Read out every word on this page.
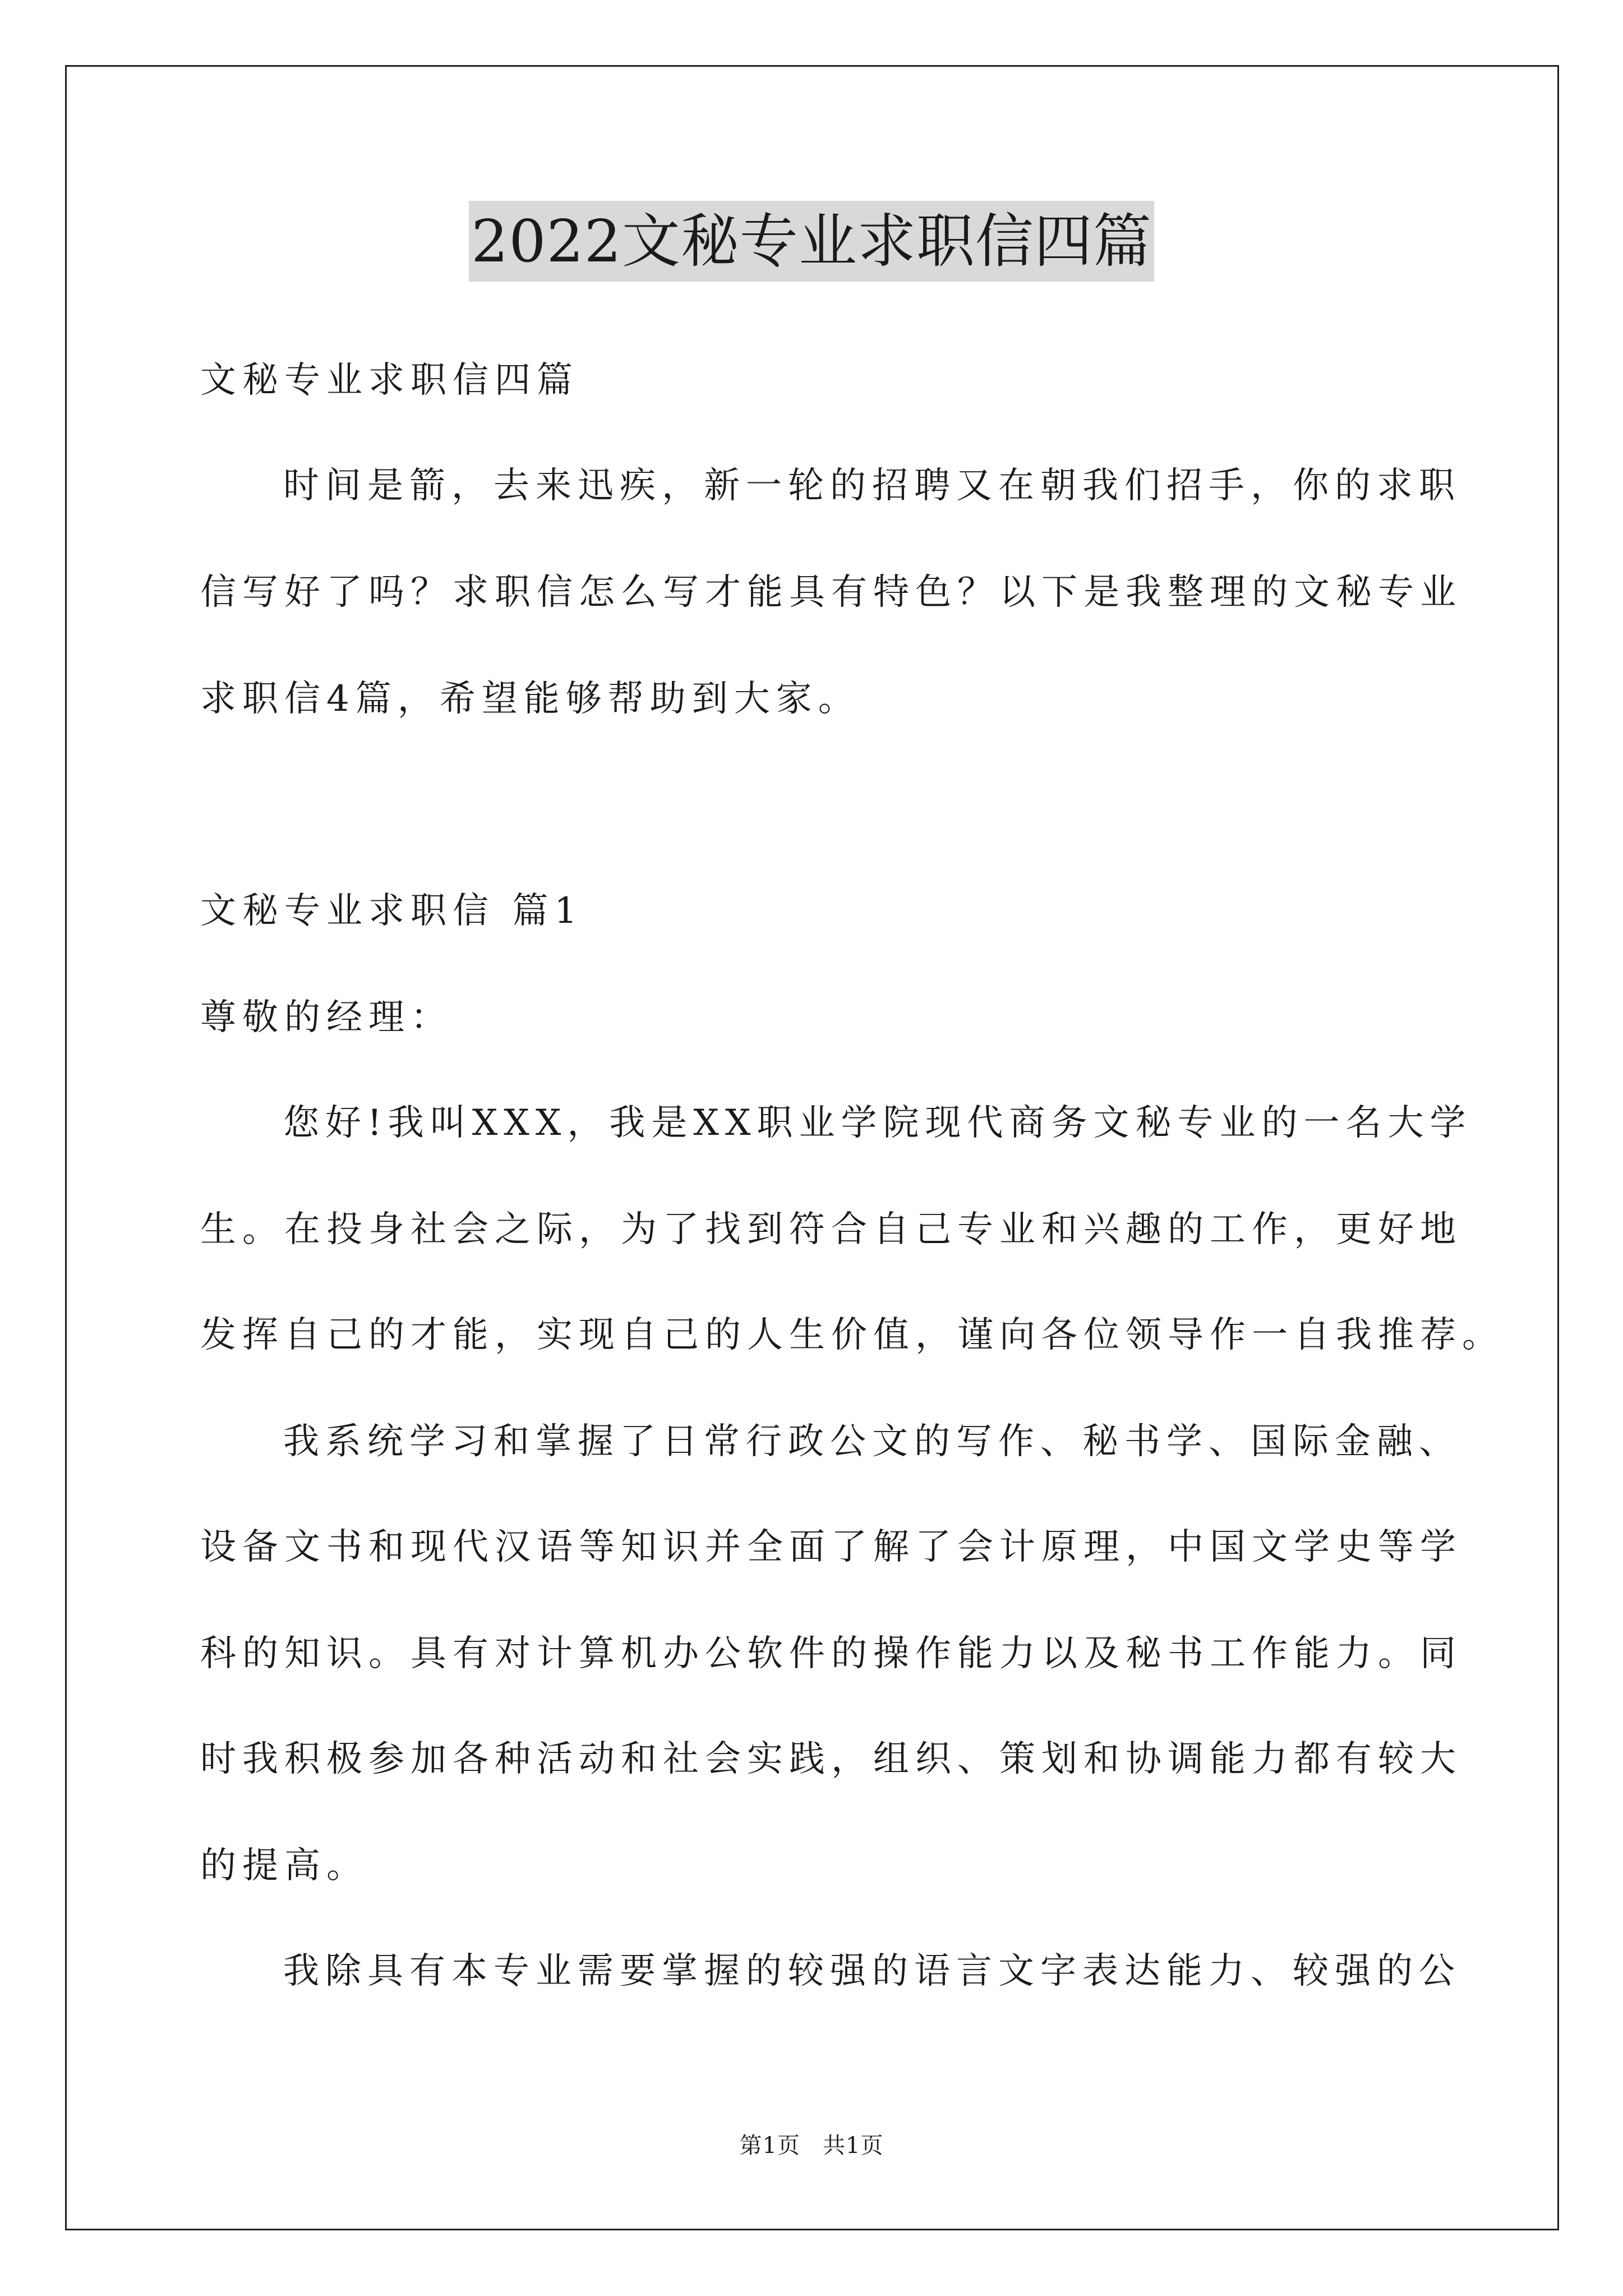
2022文秘专业求职信四篇
文秘专业求职信四篇
时间是箭，去来迅疾，新一轮的招聘又在朝我们招手，你的求职
信写好了吗？求职信怎么写才能具有特色？以下是我整理的文秘专业
求职信4篇，希望能够帮助到大家。
文秘专业求职信 篇1
尊敬的经理：
您好!我叫XXX，我是XX职业学院现代商务文秘专业的一名大学
生。在投身社会之际，为了找到符合自己专业和兴趣的工作，更好地
发挥自己的才能，实现自己的人生价值，谨向各位领导作一自我推荐。
我系统学习和掌握了日常行政公文的写作、秘书学、国际金融、
设备文书和现代汉语等知识并全面了解了会计原理，中国文学史等学
科的知识。具有对计算机办公软件的操作能力以及秘书工作能力。同
时我积极参加各种活动和社会实践，组织、策划和协调能力都有较大
的提高。
我除具有本专业需要掌握的较强的语言文字表达能力、较强的公
第1页 共1页
